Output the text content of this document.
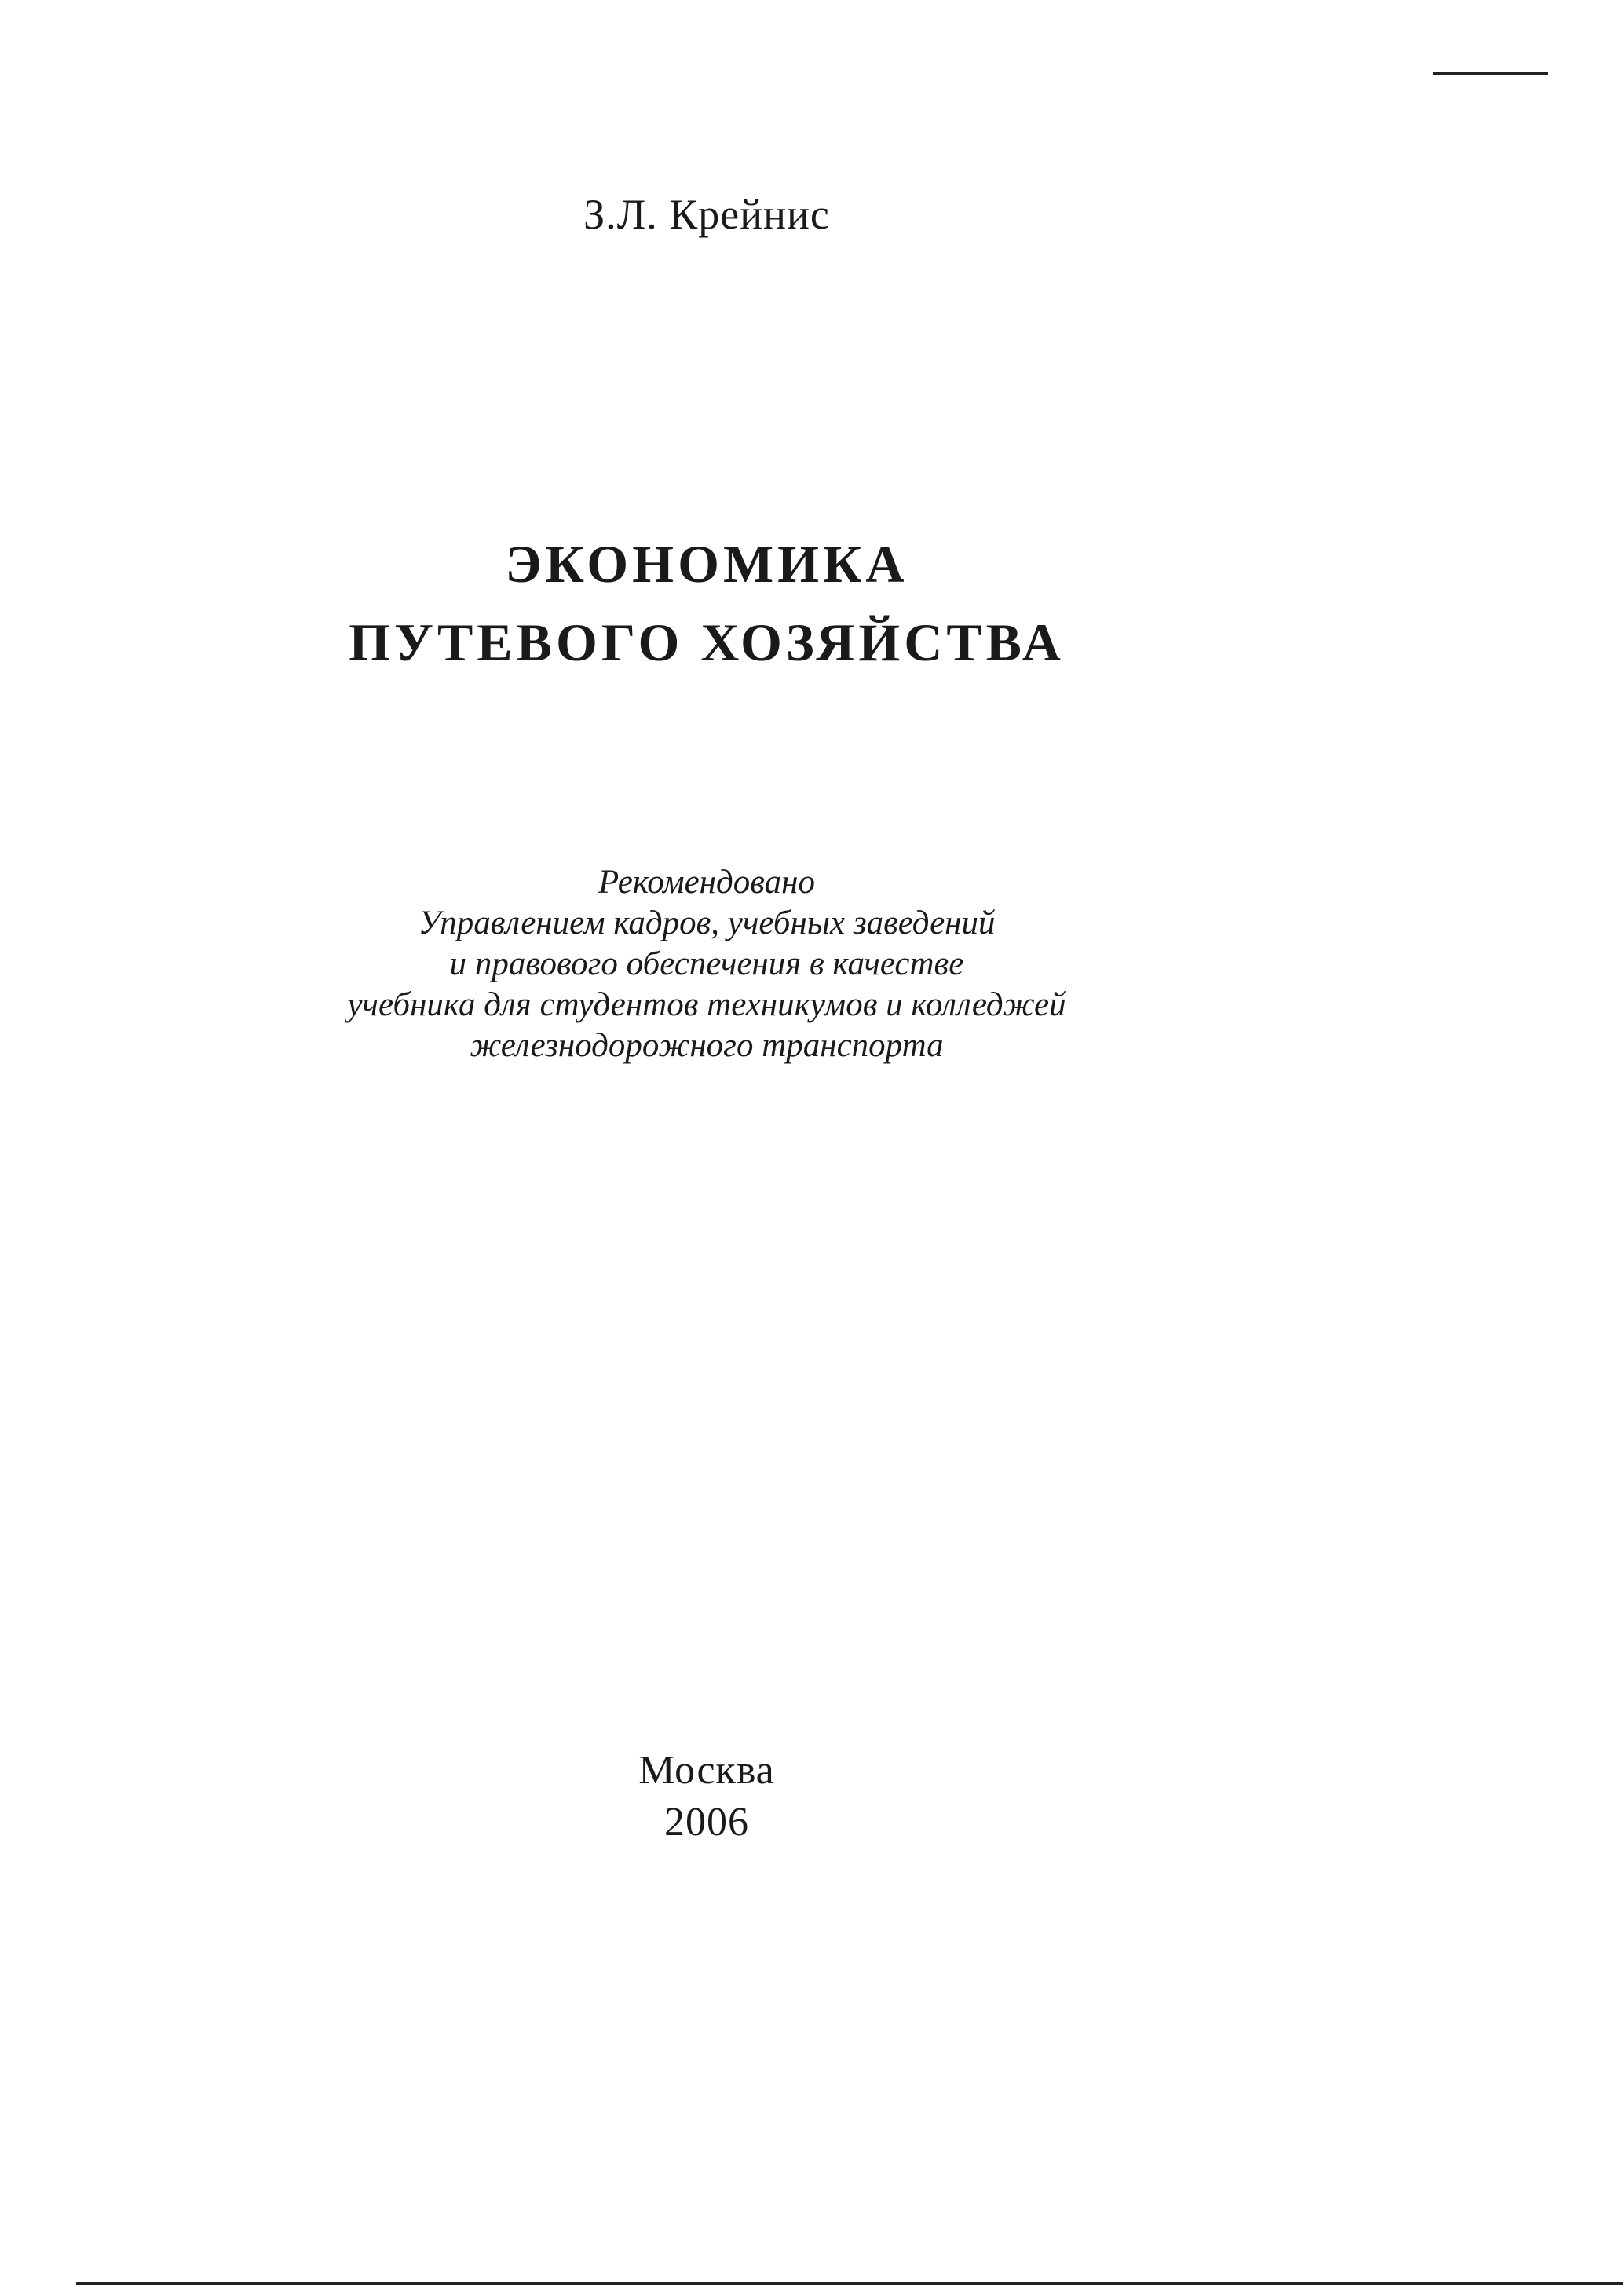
З.Л. Крейнис
ЭКОНОМИКА
ПУТЕВОГО ХОЗЯЙСТВА
Рекомендовано
Управлением кадров, учебных заведений
и правового обеспечения в качестве
учебника для студентов техникумов и колледжей
железнодорожного транспорта
Москва
2006
